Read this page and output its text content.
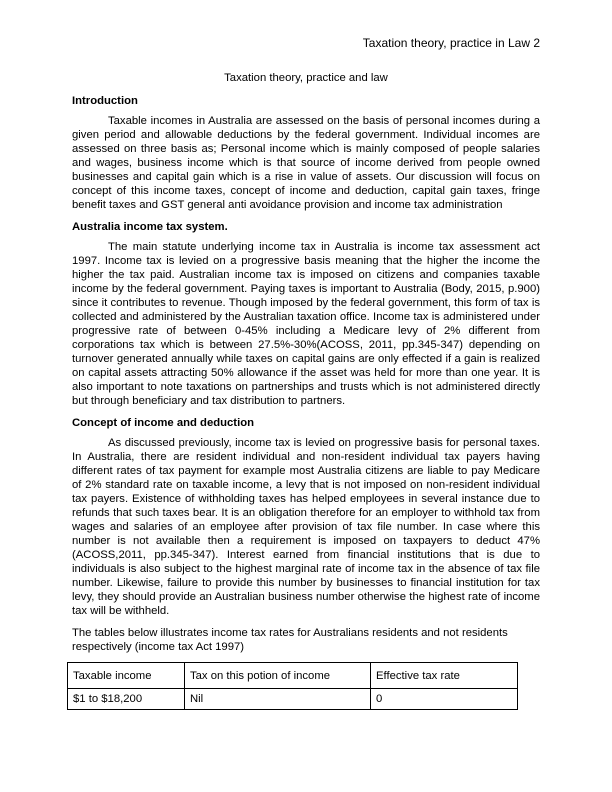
Taxation theory, practice in Law 2
Taxation theory, practice and law
Introduction

Taxable incomes in Australia are assessed on the basis of personal incomes during a given period and allowable deductions by the federal government. Individual incomes are assessed on three basis as; Personal income which is mainly composed of people salaries and wages, business income which is that source of income derived from people owned businesses and capital gain which is a rise in value of assets. Our discussion will focus on concept of this income taxes, concept of income and deduction, capital gain taxes, fringe benefit taxes and GST general anti avoidance provision and income tax administration

Australia income tax system.

The main statute underlying income tax in Australia is income tax assessment act 1997. Income tax is levied on a progressive basis meaning that the higher the income the higher the tax paid. Australian income tax is imposed on citizens and companies taxable income by the federal government. Paying taxes is important to Australia (Body, 2015, p.900) since it contributes to revenue. Though imposed by the federal government, this form of tax is collected and administered by the Australian taxation office. Income tax is administered under progressive rate of between 0-45% including a Medicare levy of 2% different from corporations tax which is between 27.5%-30%(ACOSS, 2011, pp.345-347) depending on turnover generated annually while taxes on capital gains are only effected if a gain is realized on capital assets attracting 50% allowance if the asset was held for more than one year. It is also important to note taxations on partnerships and trusts which is not administered directly but through beneficiary and tax distribution to partners.

Concept of income and deduction

As discussed previously, income tax is levied on progressive basis for personal taxes. In Australia, there are resident individual and non-resident individual tax payers having different rates of tax payment for example most Australia citizens are liable to pay Medicare of 2% standard rate on taxable income, a levy that is not imposed on non-resident individual tax payers. Existence of withholding taxes has helped employees in several instance due to refunds that such taxes bear. It is an obligation therefore for an employer to withhold tax from wages and salaries of an employee after provision of tax file number. In case where this number is not available then a requirement is imposed on taxpayers to deduct 47%(ACOSS,2011, pp.345-347). Interest earned from financial institutions that is due to individuals is also subject to the highest marginal rate of income tax in the absence of tax file number. Likewise, failure to provide this number by businesses to financial institution for tax levy, they should provide an Australian business number otherwise the highest rate of income tax will be withheld.

The tables below illustrates income tax rates for Australians residents and not residents respectively (income tax Act 1997)

Taxable income	Tax on this potion of income	Effective tax rate
$1 to $18,200	Nil	0
